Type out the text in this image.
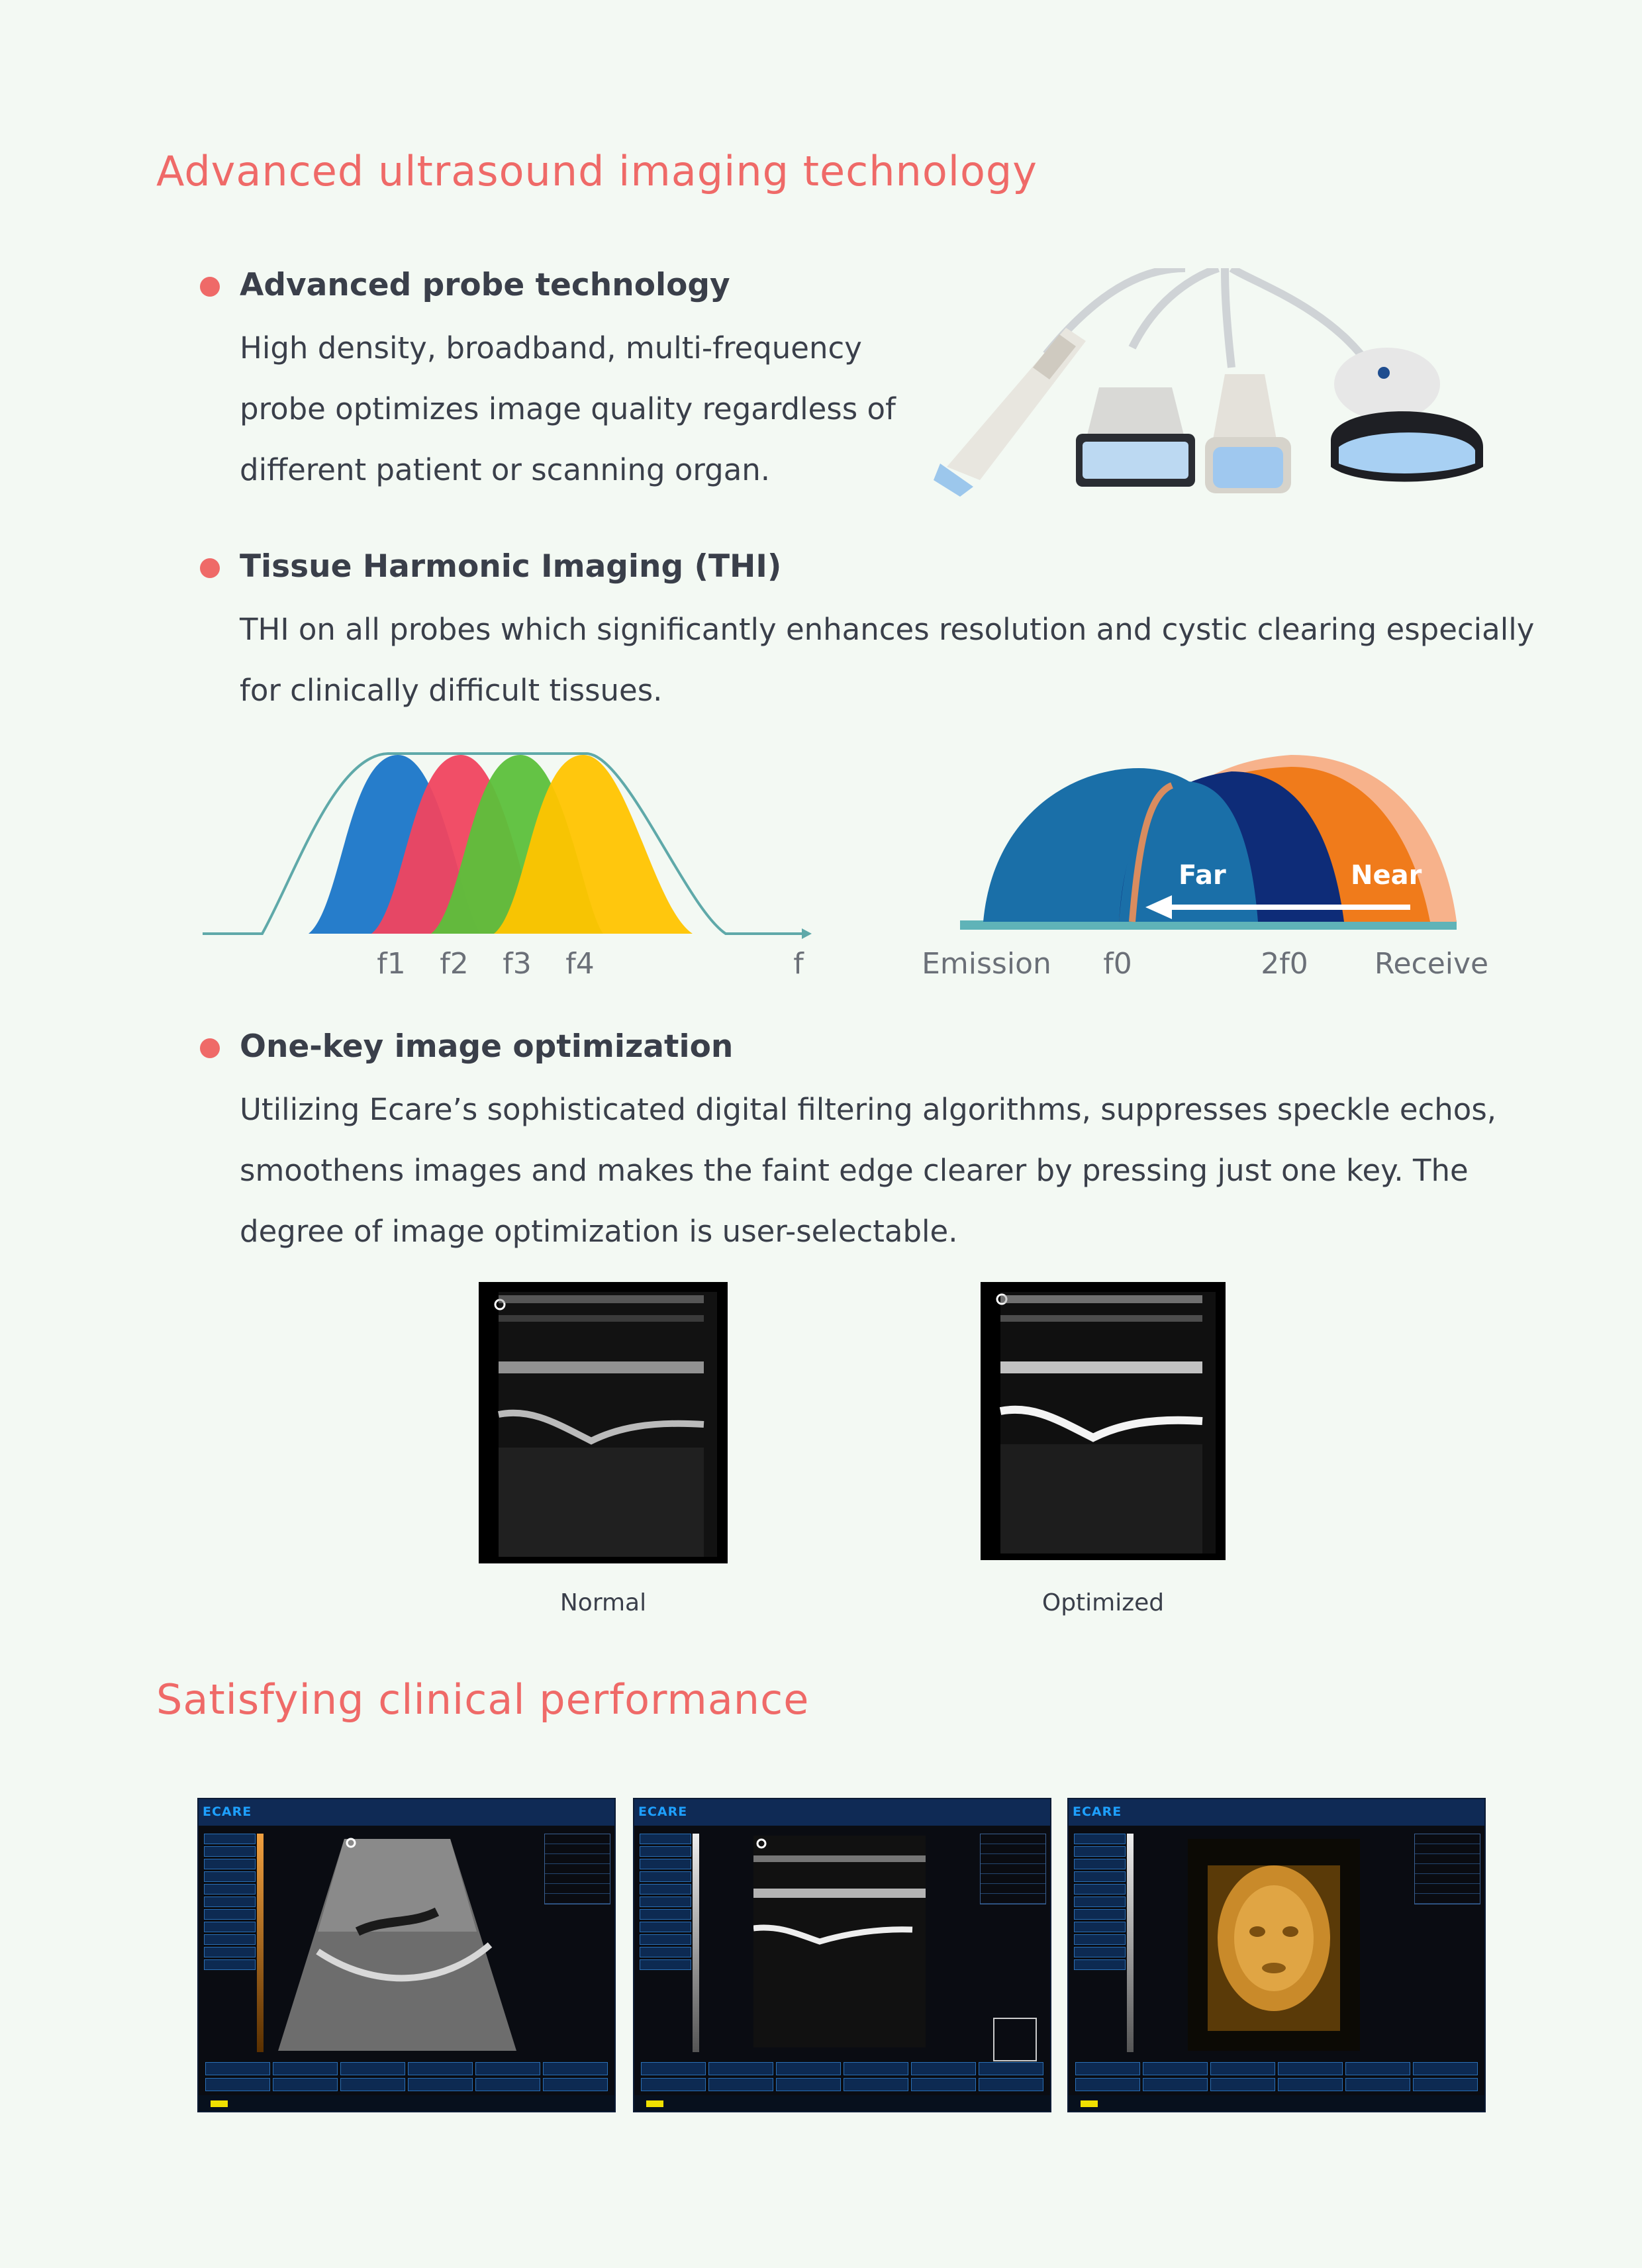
Advanced ultrasound imaging technology
Advanced probe technology
High density, broadband, multi-frequency
probe optimizes image quality regardless of
different patient or scanning organ.
Tissue Harmonic Imaging (THI)
THI on all probes which significantly enhances resolution and cystic clearing especially
for clinically difficult tissues.
f1 f2 f3 f4	f
Far	Near
Emission f0	2f0 Receive
One-key image optimization
Utilizing Ecare’s sophisticated digital filtering algorithms, suppresses speckle echos,
smoothens images and makes the faint edge clearer by pressing just one key. The
degree of image optimization is user-selectable.
Normal	Optimized
Satisfying clinical performance
ECARE	ECARE	ECARE
